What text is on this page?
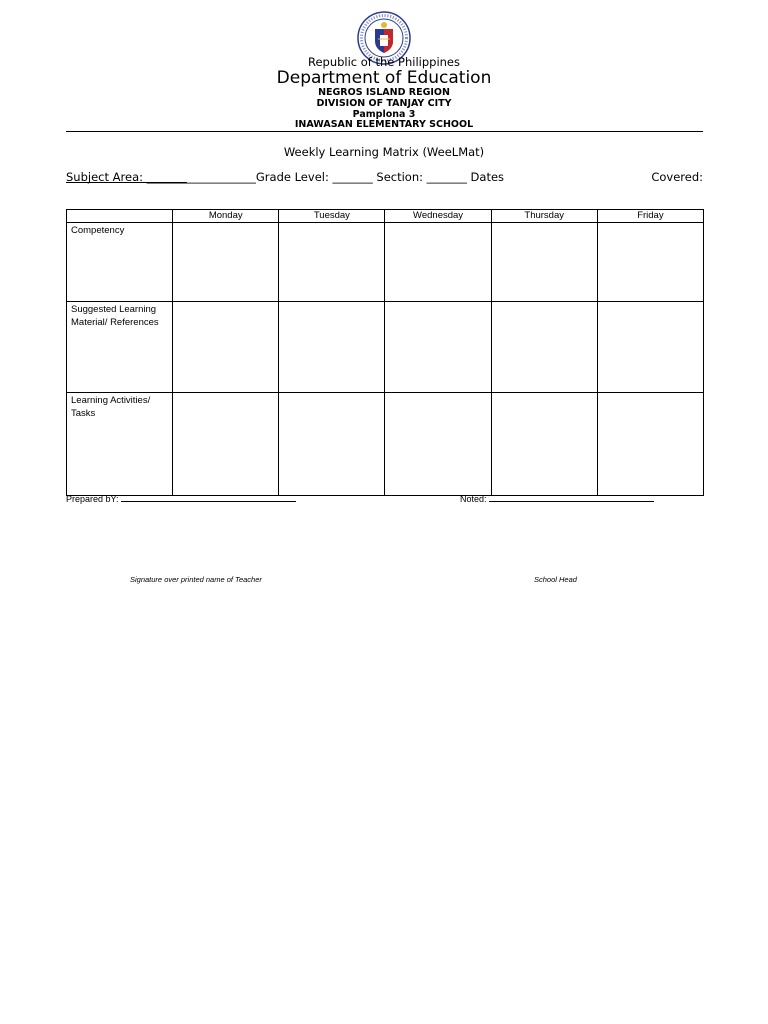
Republic of the Philippines
Department of Education
NEGROS ISLAND REGION
DIVISION OF TANJAY CITY
Pamplona 3
INAWASAN ELEMENTARY SCHOOL
Weekly Learning Matrix (WeeLMat)
Subject Area: ___________________Grade Level: _______ Section: _______ Dates	Covered:
	Monday	Tuesday	Wednesday	Thursday	Friday

Competency					

Suggested Learning
Material/ References					

Learning Activities/
Tasks					

Prepared bY:	Noted:
Signature over printed name of Teacher	School Head
